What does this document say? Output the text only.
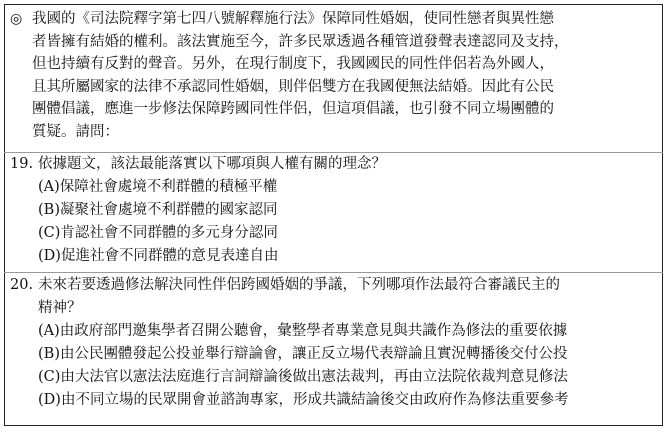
◎ 我國的《司法院釋字第七四八號解釋施行法》保障同性婚姻，使同性戀者與異性戀
者皆擁有結婚的權利。該法實施至今，許多民眾透過各種管道發聲表達認同及支持，
但也持續有反對的聲音。另外，在現行制度下，我國國民的同性伴侶若為外國人，
且其所屬國家的法律不承認同性婚姻，則伴侶雙方在我國便無法結婚。因此有公民
團體倡議，應進一步修法保障跨國同性伴侶，但這項倡議，也引發不同立場團體的
質疑。請問：
19. 依據題文，該法最能落實以下哪項與人權有關的理念？
(A)保障社會處境不利群體的積極平權
(B)凝聚社會處境不利群體的國家認同
(C)肯認社會不同群體的多元身分認同
(D)促進社會不同群體的意見表達自由
20. 未來若要透過修法解決同性伴侶跨國婚姻的爭議，下列哪項作法最符合審議民主的
精神？
(A)由政府部門邀集學者召開公聽會，彙整學者專業意見與共識作為修法的重要依據
(B)由公民團體發起公投並舉行辯論會，讓正反立場代表辯論且實況轉播後交付公投
(C)由大法官以憲法法庭進行言詞辯論後做出憲法裁判，再由立法院依裁判意見修法
(D)由不同立場的民眾開會並諮詢專家，形成共識結論後交由政府作為修法重要參考
